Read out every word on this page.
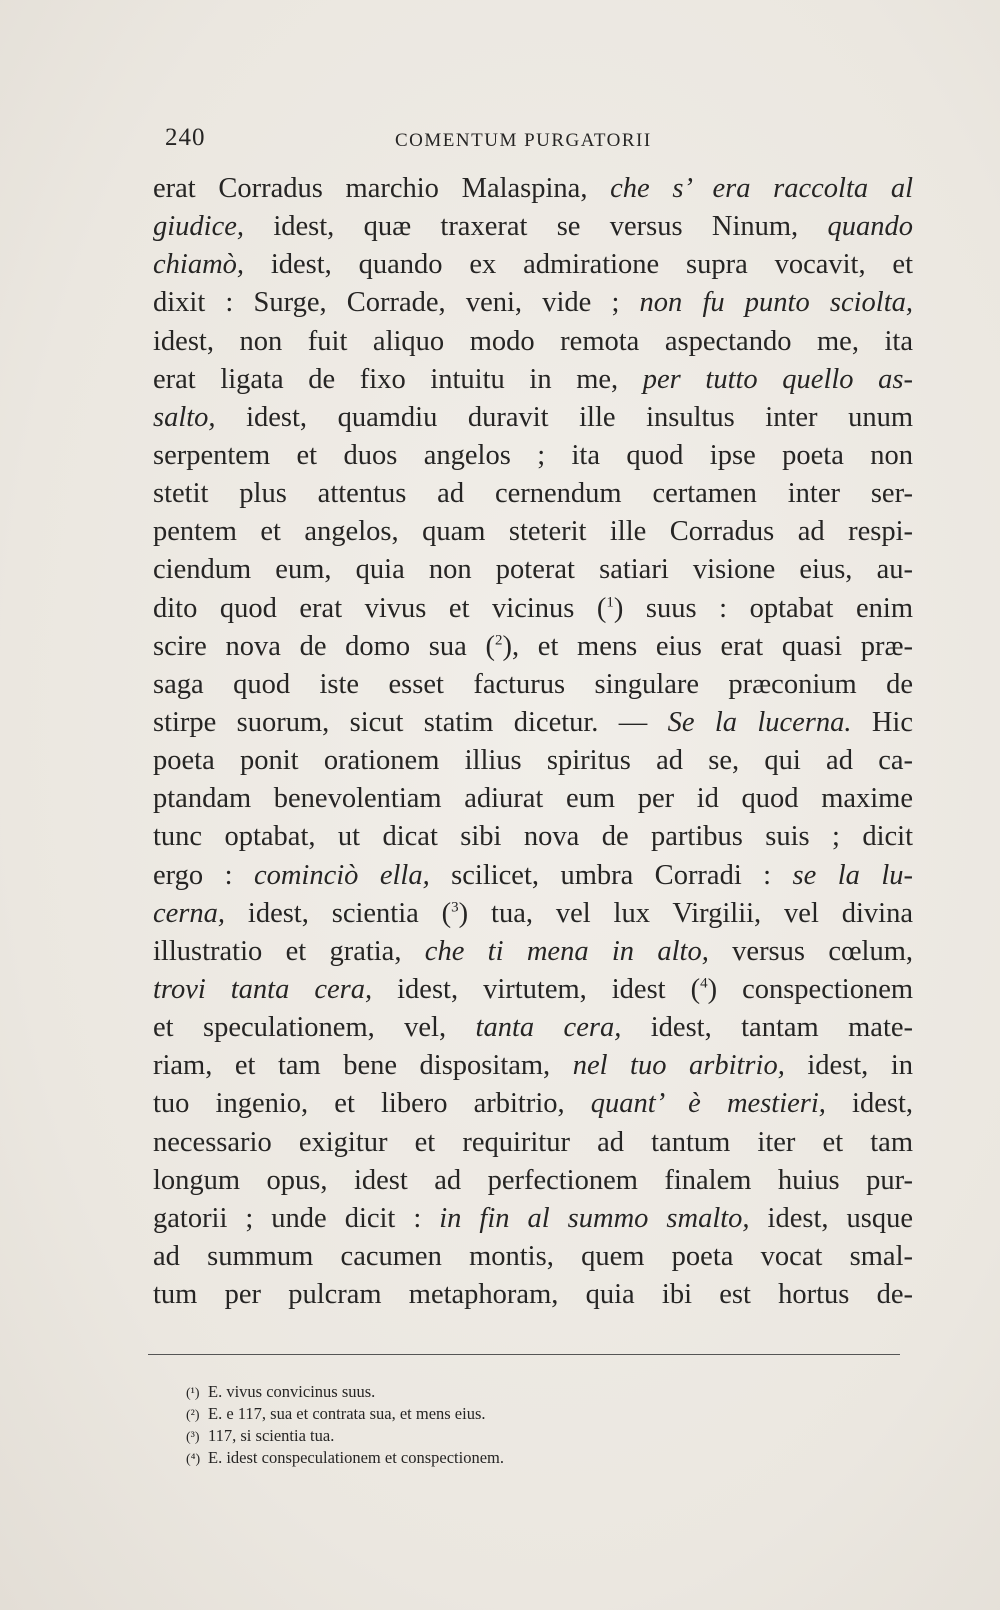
240	COMENTUM PURGATORII
erat Corradus marchio Malaspina, che s’ era raccolta al
giudice, idest, quæ traxerat se versus Ninum, quando
chiamò, idest, quando ex admiratione supra vocavit, et
dixit : Surge, Corrade, veni, vide ; non fu punto sciolta,
idest, non fuit aliquo modo remota aspectando me, ita
erat ligata de fixo intuitu in me, per tutto quello as-
salto, idest, quamdiu duravit ille insultus inter unum
serpentem et duos angelos ; ita quod ipse poeta non
stetit plus attentus ad cernendum certamen inter ser-
pentem et angelos, quam steterit ille Corradus ad respi-
ciendum eum, quia non poterat satiari visione eius, au-
dito quod erat vivus et vicinus ($^1$) suus : optabat enim
scire nova de domo sua ($^2$), et mens eius erat quasi præ-
saga quod iste esset facturus singulare præconium de
stirpe suorum, sicut statim dicetur. — Se la lucerna. Hic
poeta ponit orationem illius spiritus ad se, qui ad ca-
ptandam benevolentiam adiurat eum per id quod maxime
tunc optabat, ut dicat sibi nova de partibus suis ; dicit
ergo : cominciò ella, scilicet, umbra Corradi : se la lu-
cerna, idest, scientia ($^3$) tua, vel lux Virgilii, vel divina
illustratio et gratia, che ti mena in alto, versus cœlum,
trovi tanta cera, idest, virtutem, idest ($^4$) conspectionem
et speculationem, vel, tanta cera, idest, tantam mate-
riam, et tam bene dispositam, nel tuo arbitrio, idest, in
tuo ingenio, et libero arbitrio, quant’ è mestieri, idest,
necessario exigitur et requiritur ad tantum iter et tam
longum opus, idest ad perfectionem finalem huius pur-
gatorii ; unde dicit : in fin al summo smalto, idest, usque
ad summum cacumen montis, quem poeta vocat smal-
tum per pulcram metaphoram, quia ibi est hortus de-
(¹) E. vivus convicinus suus.
(²) E. e 117, sua et contrata sua, et mens eius.
(³) 117, si scientia tua.
(⁴) E. idest conspeculationem et conspectionem.
